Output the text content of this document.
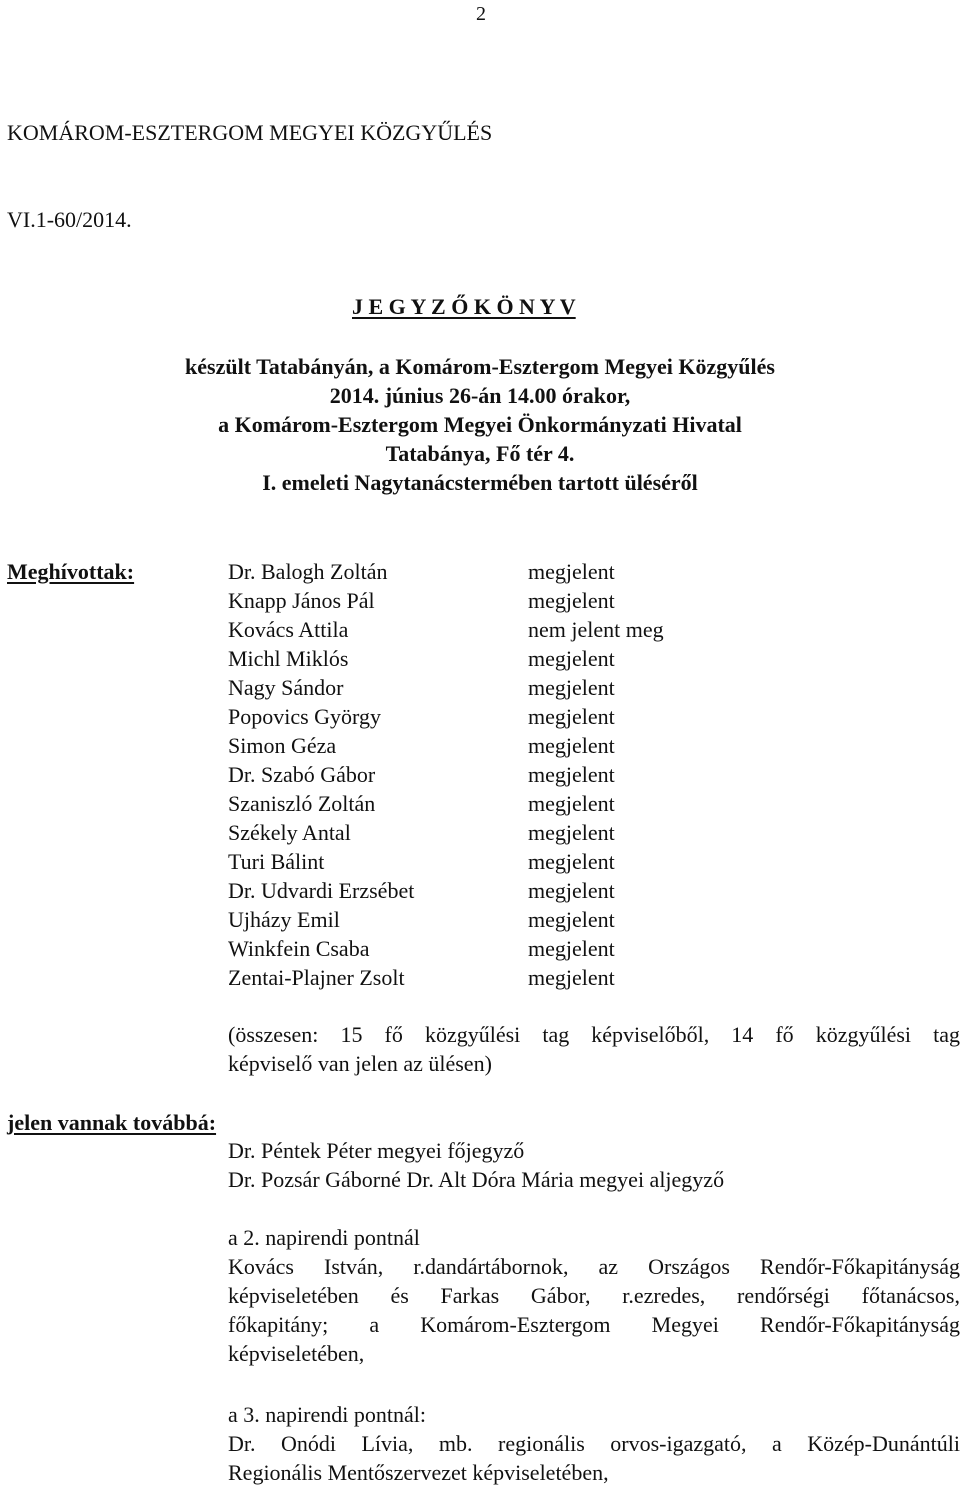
2
KOMÁROM-ESZTERGOM MEGYEI KÖZGYŰLÉS
VI.1-60/2014.
J E G Y Z Ő K Ö N Y V
készült Tatabányán, a Komárom-Esztergom Megyei Közgyűlés
2014. június 26-án 14.00 órakor,
a Komárom-Esztergom Megyei Önkormányzati Hivatal
Tatabánya, Fő tér 4.
I. emeleti Nagytanácstermében tartott üléséről
Meghívottak:	Dr. Balogh Zoltán	megjelent
Knapp János Pál	megjelent
Kovács Attila	nem jelent meg
Michl Miklós	megjelent
Nagy Sándor	megjelent
Popovics György	megjelent
Simon Géza	megjelent
Dr. Szabó Gábor	megjelent
Szaniszló Zoltán	megjelent
Székely Antal	megjelent
Turi Bálint	megjelent
Dr. Udvardi Erzsébet	megjelent
Ujházy Emil	megjelent
Winkfein Csaba	megjelent
Zentai-Plajner Zsolt	megjelent
(összesen: 15 fő közgyűlési tag képviselőből, 14 fő közgyűlési tag
képviselő van jelen az ülésen)
jelen vannak továbbá:
Dr. Péntek Péter megyei főjegyző
Dr. Pozsár Gáborné Dr. Alt Dóra Mária megyei aljegyző
a 2. napirendi pontnál
Kovács István, r.dandártábornok, az Országos Rendőr-Főkapitányság
képviseletében és Farkas Gábor, r.ezredes, rendőrségi főtanácsos,
főkapitány; a Komárom-Esztergom Megyei Rendőr-Főkapitányság
képviseletében,
a 3. napirendi pontnál:
Dr. Onódi Lívia, mb. regionális orvos-igazgató, a Közép-Dunántúli
Regionális Mentőszervezet képviseletében,
